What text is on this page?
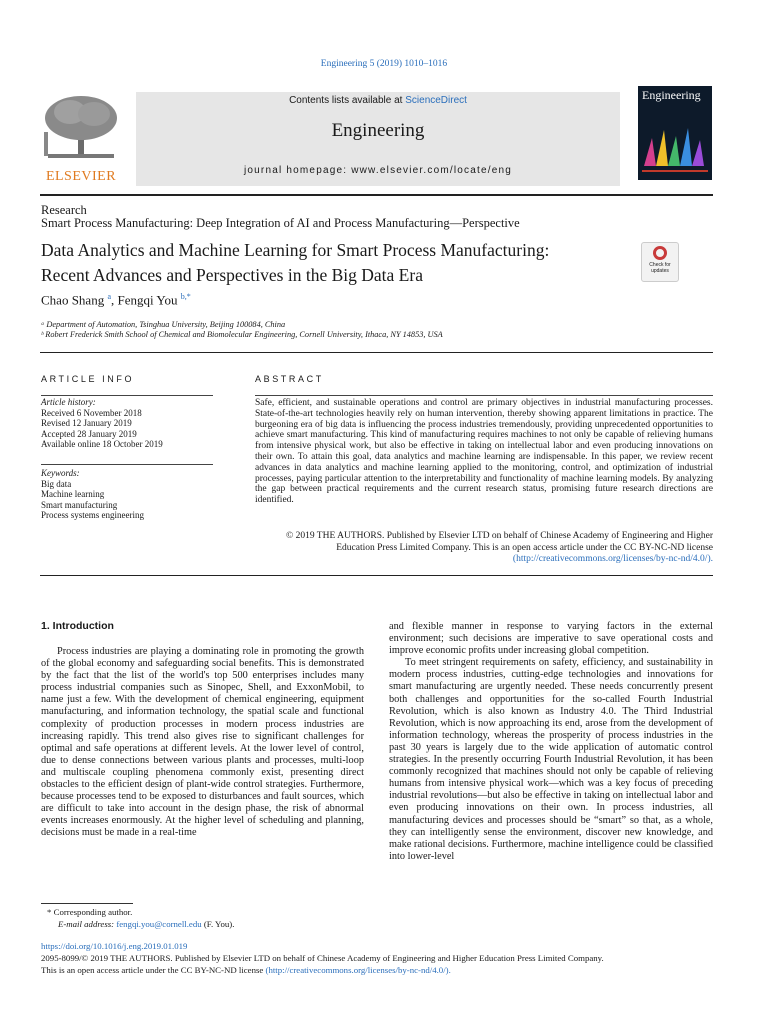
Engineering 5 (2019) 1010–1016
ELSEVIER
Contents lists available at ScienceDirect
Engineering
journal homepage: www.elsevier.com/locate/eng
Engineering
Research
Smart Process Manufacturing: Deep Integration of AI and Process Manufacturing—Perspective
Data Analytics and Machine Learning for Smart Process Manufacturing:
Recent Advances and Perspectives in the Big Data Era	Check for updates
Chao Shang $^a$, Fengqi You $^{b,*}$
ᵃ Department of Automation, Tsinghua University, Beijing 100084, China
ᵇ Robert Frederick Smith School of Chemical and Biomolecular Engineering, Cornell University, Ithaca, NY 14853, USA
ARTICLE INFO
Article history:
Received 6 November 2018
Revised 12 January 2019
Accepted 28 January 2019
Available online 18 October 2019
Keywords:
Big data
Machine learning
Smart manufacturing
Process systems engineering
ABSTRACT
Safe, efficient, and sustainable operations and control are primary objectives in industrial manufacturing processes. State-of-the-art technologies heavily rely on human intervention, thereby showing apparent limitations in practice. The burgeoning era of big data is influencing the process industries tremendously, providing unprecedented opportunities to achieve smart manufacturing. This kind of manufacturing requires machines to not only be capable of relieving humans from intensive physical work, but also be effective in taking on intellectual labor and even producing innovations on their own. To attain this goal, data analytics and machine learning are indispensable. In this paper, we review recent advances in data analytics and machine learning applied to the monitoring, control, and optimization of industrial processes, paying particular attention to the interpretability and functionality of machine learning models. By analyzing the gap between practical requirements and the current research status, promising future research directions are identified.
© 2019 THE AUTHORS. Published by Elsevier LTD on behalf of Chinese Academy of Engineering and Higher Education Press Limited Company. This is an open access article under the CC BY-NC-ND license (http://creativecommons.org/licenses/by-nc-nd/4.0/).
1. Introduction

Process industries are playing a dominating role in promoting the growth of the global economy and safeguarding social benefits. This is demonstrated by the fact that the list of the world's top 500 enterprises includes many process industrial companies such as Sinopec, Shell, and ExxonMobil, to name just a few. With the development of chemical engineering, equipment manufacturing, and information technology, the spatial scale and functional complexity of production processes in modern process industries are increasing rapidly. This trend also gives rise to significant challenges for optimal and safe operations at different levels. At the lower level of control, due to dense connections between various plants and processes, multi-loop and multiscale coupling phenomena commonly exist, presenting direct obstacles to the efficient design of plant-wide control strategies. Furthermore, because processes tend to be exposed to disturbances and fault sources, which are difficult to take into account in the design phase, the risk of abnormal events increases enormously. At the higher level of scheduling and planning, decisions must be made in a real-time

and flexible manner in response to varying factors in the external environment; such decisions are imperative to save operational costs and improve economic profits under increasing global competition.

To meet stringent requirements on safety, efficiency, and sustainability in modern process industries, cutting-edge technologies and innovations for smart manufacturing are urgently needed. These needs concurrently present both challenges and opportunities for the so-called Fourth Industrial Revolution, which is also known as Industry 4.0. The Third Industrial Revolution, which is now approaching its end, arose from the development of information technology, whereas the prosperity of process industries in the past 30 years is largely due to the wide application of automatic control strategies. In the presently occurring Fourth Industrial Revolution, it has been commonly recognized that machines should not only be capable of relieving humans from intensive physical work—which was a key focus of preceding industrial revolutions—but also be effective in taking on intellectual labor and even producing innovations on their own. In process industries, all manufacturing devices and processes should be “smart” so that, as a whole, they can intelligently sense the environment, discover new knowledge, and make rational decisions. Furthermore, machine intelligence could be classified into lower-level

* Corresponding author.
E-mail address: fengqi.you@cornell.edu (F. You).
https://doi.org/10.1016/j.eng.2019.01.019
2095-8099/© 2019 THE AUTHORS. Published by Elsevier LTD on behalf of Chinese Academy of Engineering and Higher Education Press Limited Company.
This is an open access article under the CC BY-NC-ND license (http://creativecommons.org/licenses/by-nc-nd/4.0/).
